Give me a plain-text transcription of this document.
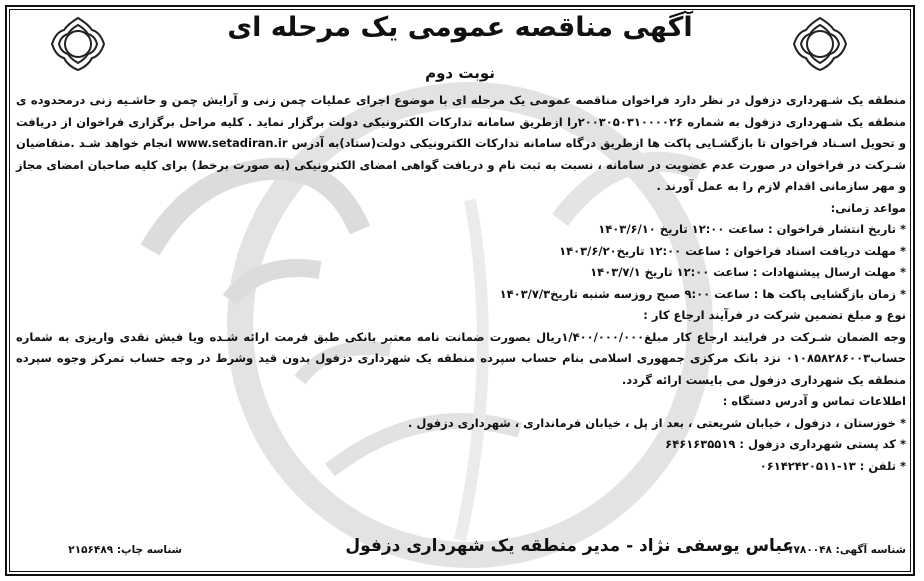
آگهی مناقصه عمومی یک مرحله ای
نوبت دوم

منطقه یک شـهرداری دزفول در نظر دارد فراخوان مناقصه عمومی یک مرحله ای با موضوع اجرای عملیات چمن زنی و آرایش چمن و حاشـیه زنی درمحدوده ی منطقه یک شـهرداری دزفول به شماره ۲۰۰۳۰۵۰۳۱۰۰۰۰۲۶را ازطریق سامانه تدارکات الکترونیکی دولت برگزار نماید . کلیه مراحل برگزاری فراخوان از دریافت و تحویل اسـناد فراخوان تا بازگشـایی پاکت ها ازطریق درگاه سامانه تدارکات الکترونیکی دولت(ستاد)به آدرس www.setadiran.ir انجام خواهد شـد .متقاضیان شـرکت در فراخوان در صورت عدم عضویت در سامانه ، نسبت به ثبت نام و دریافت گواهی امضای الکترونیکی (به صورت برخط) برای کلیه صاحبان امضای مجاز و مهر سازمانی اقدام لازم را به عمل آورند .

مواعد زمانی:

* تاریخ انتشار فراخوان : ساعت ۱۲:۰۰ تاریخ ۱۴۰۳/۶/۱۰

* مهلت دریافت اسناد فراخوان : ساعت ۱۲:۰۰ تاریخ۱۴۰۳/۶/۲۰

* مهلت ارسال پیشنهادات : ساعت ۱۲:۰۰ تاریخ ۱۴۰۳/۷/۱

* زمان بازگشایی پاکت ها : ساعت ۹:۰۰ صبح روزسه شنبه تاریخ۱۴۰۳/۷/۳

نوع و مبلغ تضمین شرکت در فرآیند ارجاع کار :

وجه الضمان شـرکت در فرایند ارجاع کار مبلغ۱/۴۰۰/۰۰۰/۰۰۰ریال بصورت ضمانت نامه معتبر بانکی طبق فرمت ارائه شـده ویا فیش نقدی واریزی به شماره حساب۰۱۰۸۵۸۲۸۶۰۰۳ نزد بانک مرکزی جمهوری اسلامی بنام حساب سپرده منطقه یک شهرداری دزفول بدون قید وشرط در وجه حساب تمرکز وجوه سپرده منطقه یک شهرداری دزفول می بایست ارائه گردد.

اطلاعات تماس و آدرس دستگاه :

* خوزستان ، دزفول ، خیابان شریعتی ، بعد از پل ، خیابان فرمانداری ، شهرداری دزفول .

* کد پستی شهرداری دزفول : ۶۴۶۱۶۳۵۵۱۹

* تلفن : ۱۳-۰۶۱۴۲۴۲۰۵۱۱

شناسه آگهی: ۱۷۸۰۰۴۸
عباس یوسفی نژاد - مدیر منطقه یک شهرداری دزفول
شناسه چاپ: ۲۱۵۶۴۸۹
